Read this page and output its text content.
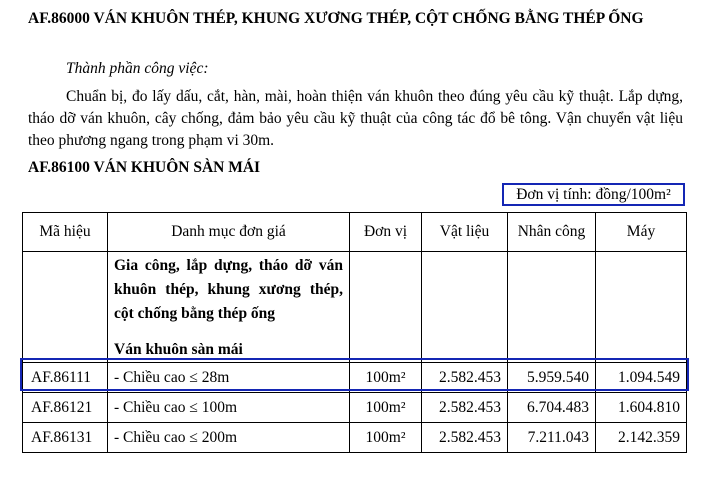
AF.86000 VÁN KHUÔN THÉP, KHUNG XƯƠNG THÉP, CỘT CHỐNG BẰNG THÉP ỐNG
Thành phần công việc:
Chuẩn bị, đo lấy dấu, cắt, hàn, mài, hoàn thiện ván khuôn theo đúng yêu cầu kỹ thuật. Lắp dựng, tháo dỡ ván khuôn, cây chống, đảm bảo yêu cầu kỹ thuật của công tác đổ bê tông. Vận chuyển vật liệu theo phương ngang trong phạm vi 30m.
AF.86100 VÁN KHUÔN SÀN MÁI
Đơn vị tính: đồng/100m²
Mã hiệu	Danh mục đơn giá	Đơn vị	Vật liệu	Nhân công	Máy

	Gia công, lắp dựng, tháo dỡ ván khuôn thép, khung xương thép, cột chống bằng thép ống
Ván khuôn sàn mái				

AF.86111	- Chiều cao ≤ 28m	100m²	2.582.453	5.959.540	1.094.549
AF.86121	- Chiều cao ≤ 100m	100m²	2.582.453	6.704.483	1.604.810
AF.86131	- Chiều cao ≤ 200m	100m²	2.582.453	7.211.043	2.142.359
